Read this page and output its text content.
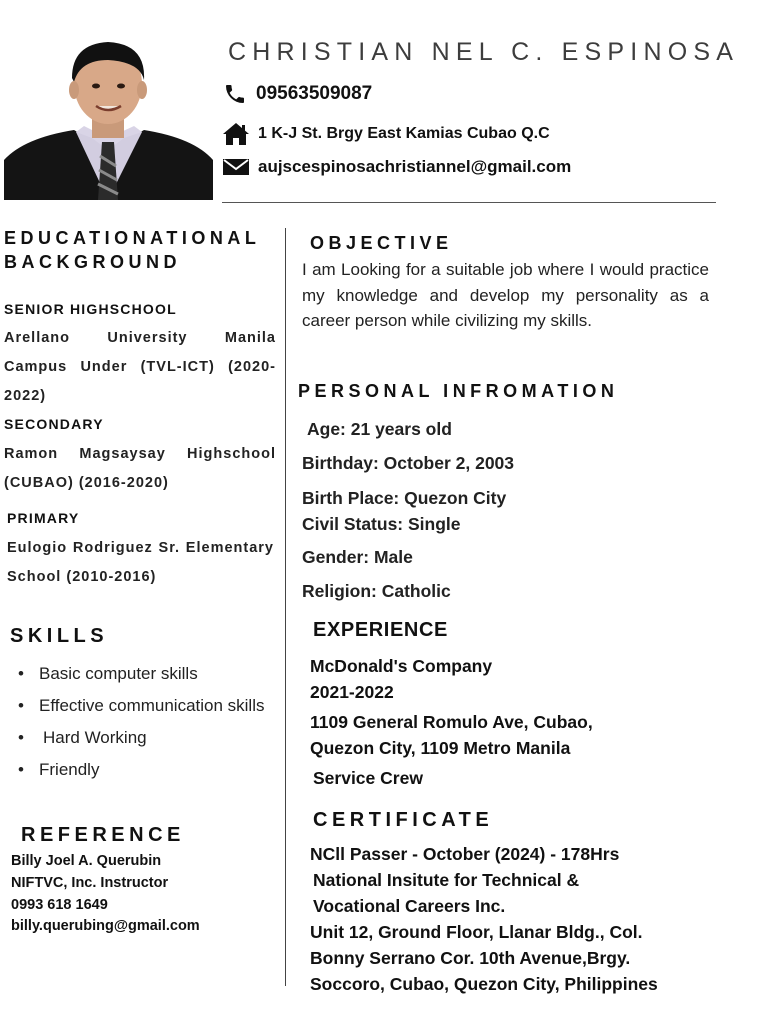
CHRISTIAN NEL C. ESPINOSA
09563509087
1 K-J St. Brgy East Kamias Cubao Q.C
aujscespinosachristiannel@gmail.com
EDUCATIONATIONAL BACKGROUND
SENIOR HIGHSCHOOL
Arellano University Manila Campus Under (TVL-ICT) (2020-2022)
SECONDARY
Ramon Magsaysay Highschool (CUBAO) (2016-2020)
PRIMARY
Eulogio Rodriguez Sr. Elementary School (2010-2016)
SKILLS
• Basic computer skills
• Effective communication skills
• Hard Working
• Friendly
REFERENCE
Billy Joel A. Querubin
NIFTVC, Inc. Instructor
0993 618 1649
billy.querubing@gmail.com
OBJECTIVE
I am Looking for a suitable job where I would practice my knowledge and develop my personality as a career person while civilizing my skills.
PERSONAL INFROMATION
Age: 21 years old
Birthday: October 2, 2003
Birth Place: Quezon City
Civil Status: Single
Gender: Male
Religion: Catholic
EXPERIENCE
McDonald's Company
2021-2022
1109 General Romulo Ave, Cubao,
Quezon City, 1109 Metro Manila
Service Crew
CERTIFICATE
NCll Passer - October (2024) - 178Hrs
National Insitute for Technical &
Vocational Careers Inc.
Unit 12, Ground Floor, Llanar Bldg., Col.
Bonny Serrano Cor. 10th Avenue,Brgy.
Soccoro, Cubao, Quezon City, Philippines
